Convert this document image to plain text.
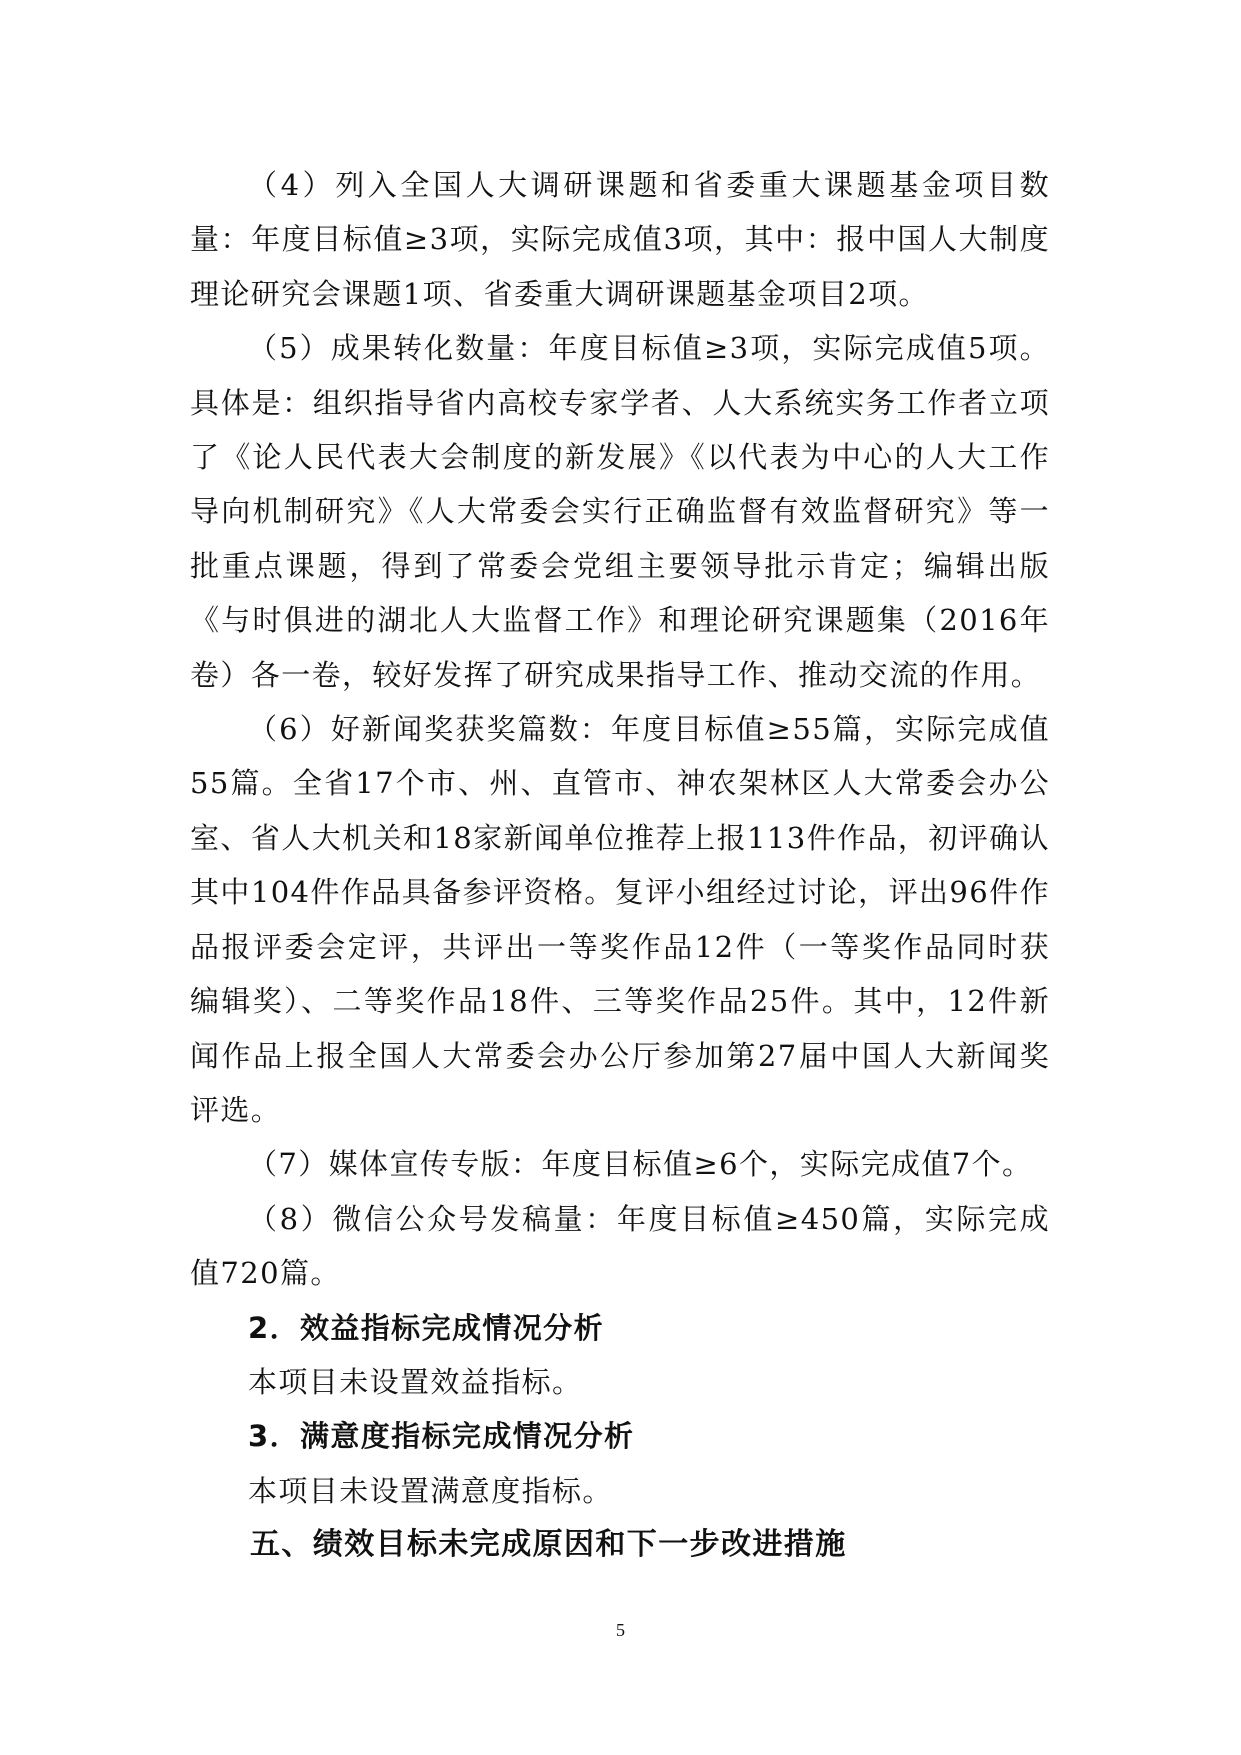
（4）列入全国人大调研课题和省委重大课题基金项目数量：年度目标值≥3项，实际完成值3项，其中：报中国人大制度理论研究会课题1项、省委重大调研课题基金项目2项。

（5）成果转化数量：年度目标值≥3项，实际完成值5项。具体是：组织指导省内高校专家学者、人大系统实务工作者立项了《论人民代表大会制度的新发展》《以代表为中心的人大工作导向机制研究》《人大常委会实行正确监督有效监督研究》等一批重点课题，得到了常委会党组主要领导批示肯定；编辑出版《与时俱进的湖北人大监督工作》和理论研究课题集（2016年卷）各一卷，较好发挥了研究成果指导工作、推动交流的作用。

（6）好新闻奖获奖篇数：年度目标值≥55篇，实际完成值55篇。全省17个市、州、直管市、神农架林区人大常委会办公室、省人大机关和18家新闻单位推荐上报113件作品，初评确认其中104件作品具备参评资格。复评小组经过讨论，评出96件作品报评委会定评，共评出一等奖作品12件（一等奖作品同时获编辑奖）、二等奖作品18件、三等奖作品25件。其中，12件新闻作品上报全国人大常委会办公厅参加第27届中国人大新闻奖评选。

（7）媒体宣传专版：年度目标值≥6个，实际完成值7个。

（8）微信公众号发稿量：年度目标值≥450篇，实际完成值720篇。

2．效益指标完成情况分析

本项目未设置效益指标。

3．满意度指标完成情况分析

本项目未设置满意度指标。

五、绩效目标未完成原因和下一步改进措施

5
